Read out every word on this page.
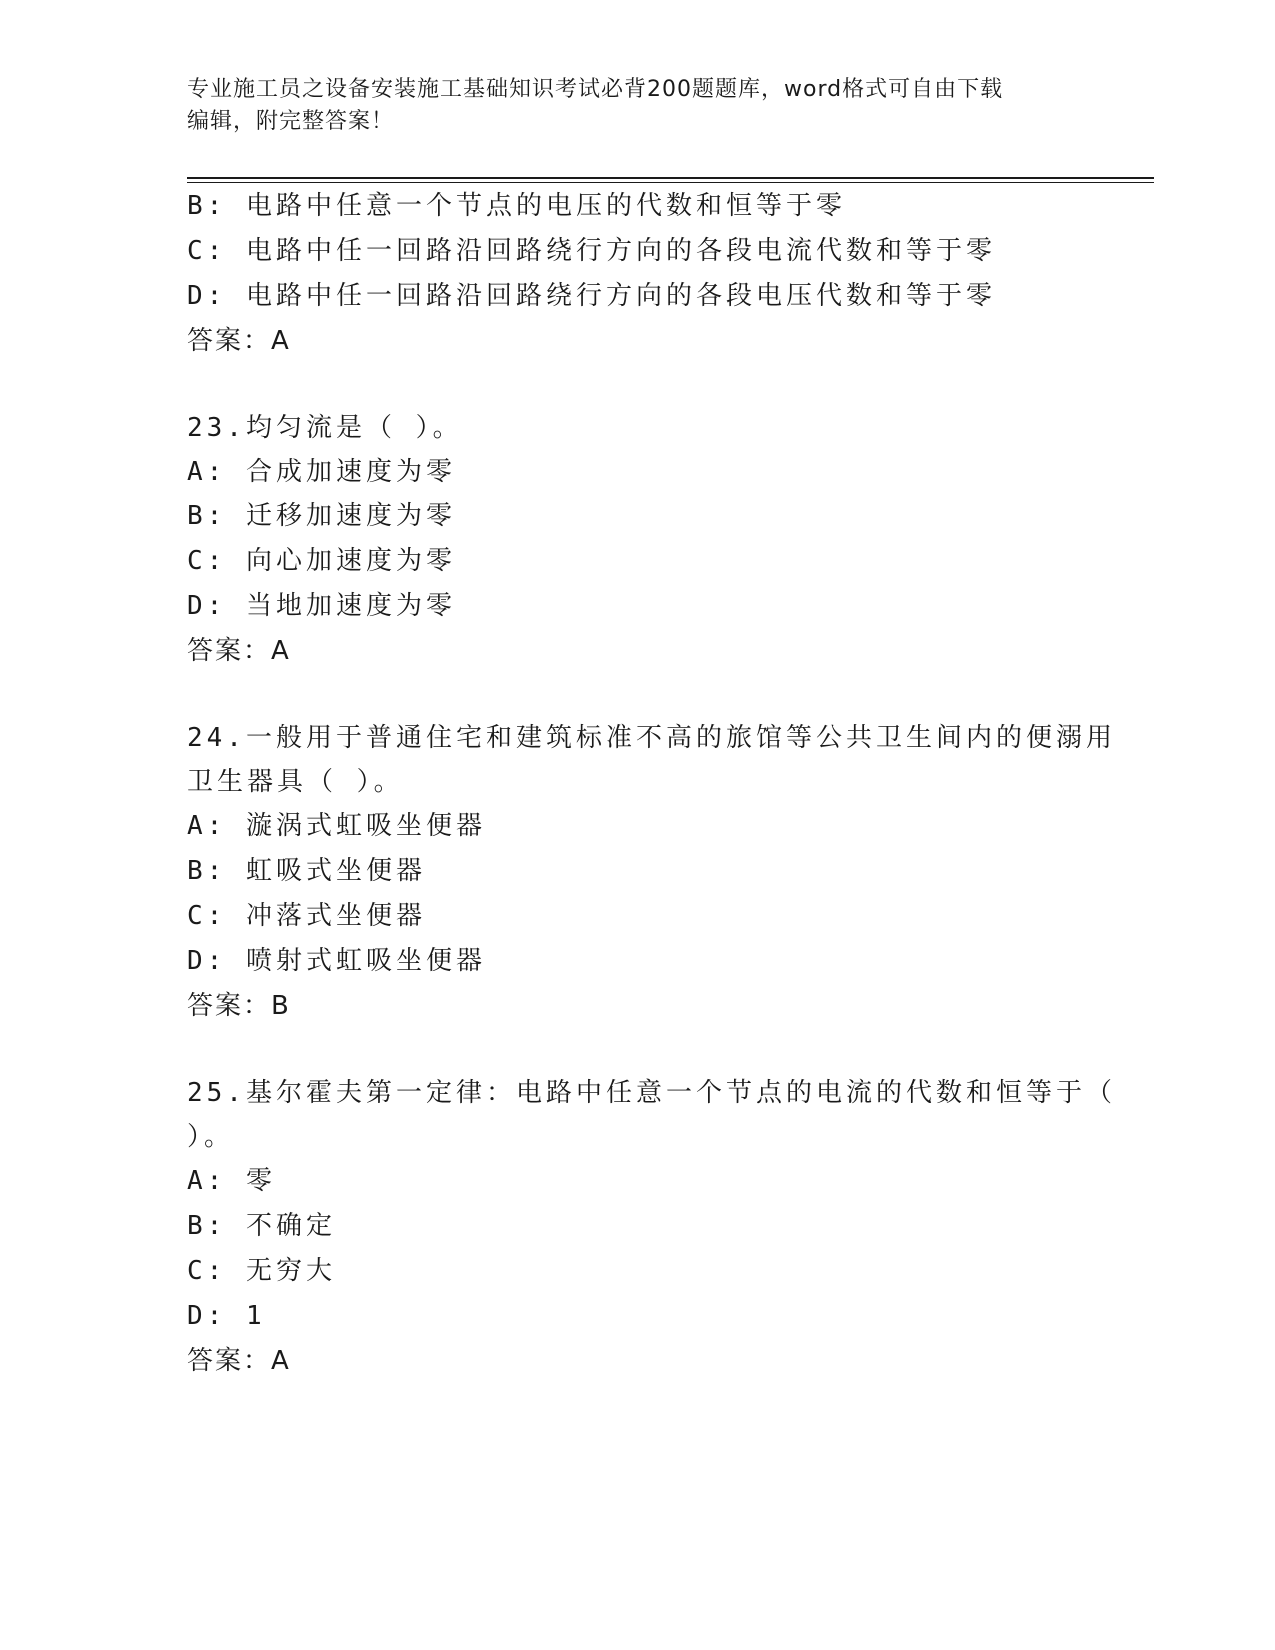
专业施工员之设备安装施工基础知识考试必背200题题库，word格式可自由下载
编辑，附完整答案！
B: 电路中任意一个节点的电压的代数和恒等于零
C: 电路中任一回路沿回路绕行方向的各段电流代数和等于零
D: 电路中任一回路沿回路绕行方向的各段电压代数和等于零
答案：A
23.均匀流是（ ）。
A: 合成加速度为零
B: 迁移加速度为零
C: 向心加速度为零
D: 当地加速度为零
答案：A
24.一般用于普通住宅和建筑标准不高的旅馆等公共卫生间内的便溺用
卫生器具（ ）。
A: 漩涡式虹吸坐便器
B: 虹吸式坐便器
C: 冲落式坐便器
D: 喷射式虹吸坐便器
答案：B
25.基尔霍夫第一定律：电路中任意一个节点的电流的代数和恒等于（
）。
A: 零
B: 不确定
C: 无穷大
D: 1
答案：A
